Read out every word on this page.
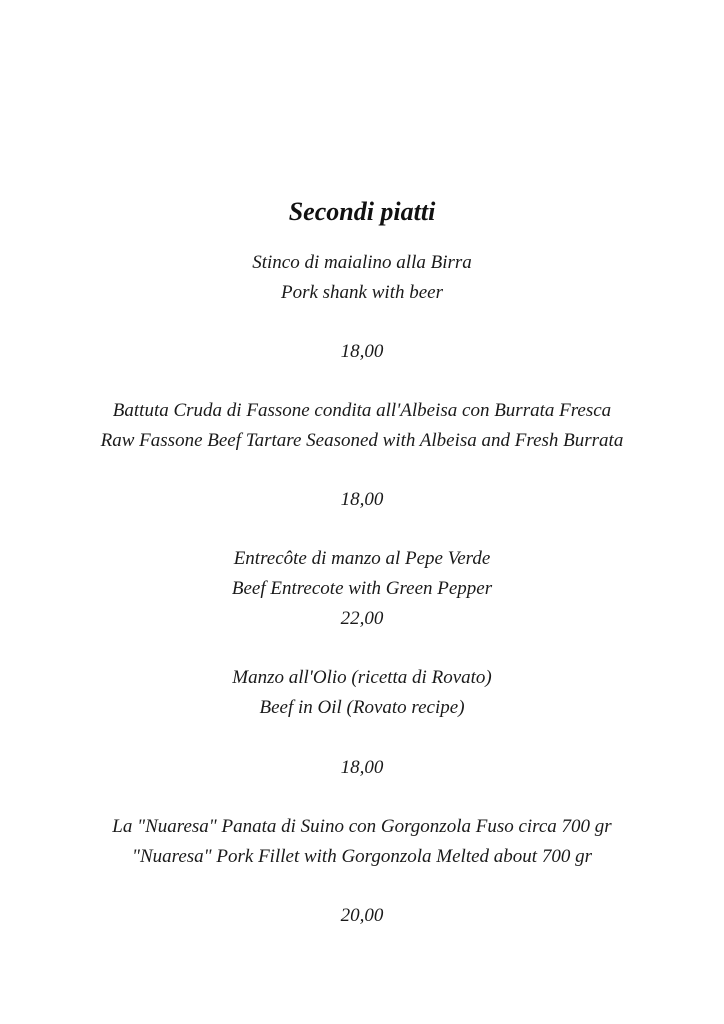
Secondi piatti

Stinco di maialino alla Birra

Pork shank with beer

18,00

Battuta Cruda di Fassone condita all'Albeisa con Burrata Fresca

Raw Fassone Beef Tartare Seasoned with Albeisa and Fresh Burrata

18,00

Entrecôte di manzo al Pepe Verde

Beef Entrecote with Green Pepper

22,00

Manzo all'Olio (ricetta di Rovato)

Beef in Oil (Rovato recipe)

18,00

La "Nuaresa" Panata di Suino con Gorgonzola Fuso circa 700 gr

"Nuaresa" Pork Fillet with Gorgonzola Melted about 700 gr

20,00
